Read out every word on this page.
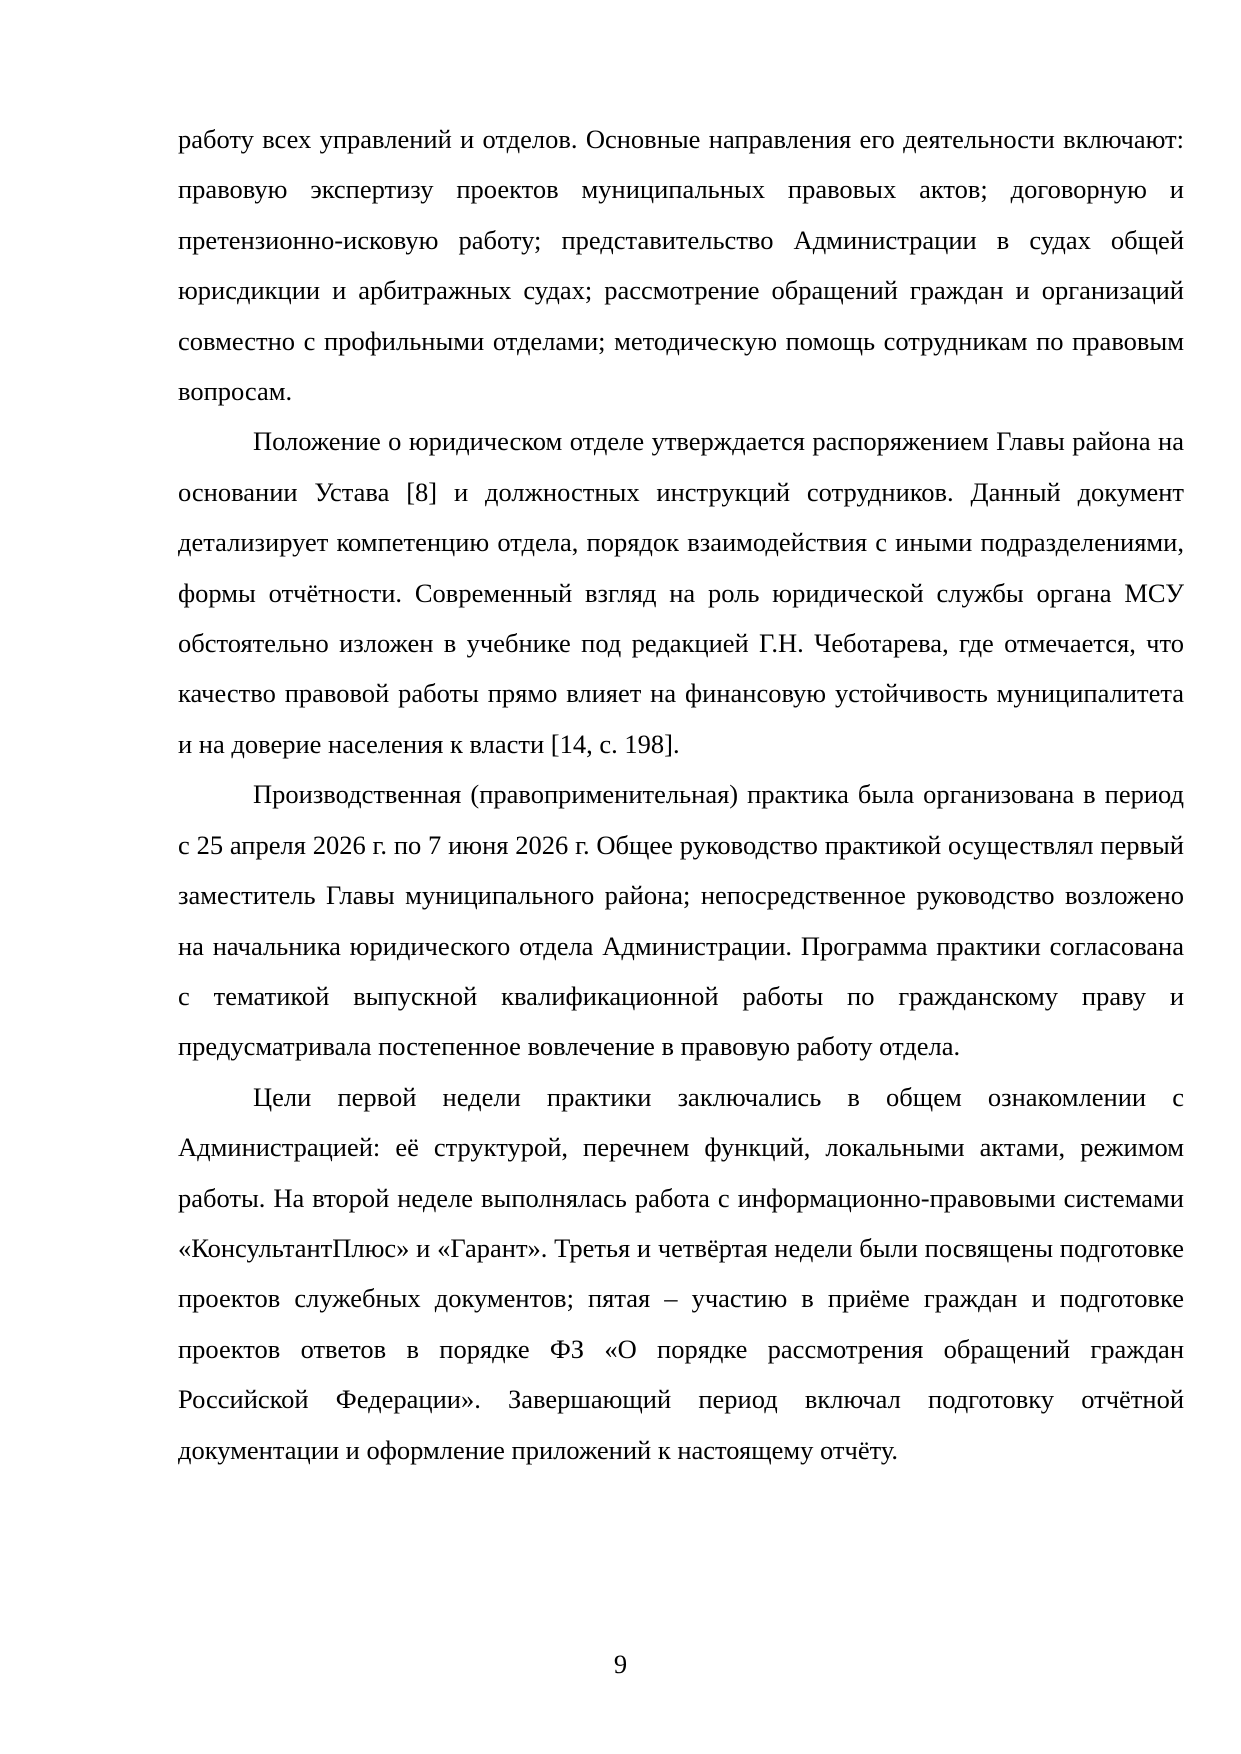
работу всех управлений и отделов. Основные направления его деятельности включают: правовую экспертизу проектов муниципальных правовых актов; договорную и претензионно-исковую работу; представительство Администрации в судах общей юрисдикции и арбитражных судах; рассмотрение обращений граждан и организаций совместно с профильными отделами; методическую помощь сотрудникам по правовым вопросам.

Положение о юридическом отделе утверждается распоряжением Главы района на основании Устава [8] и должностных инструкций сотрудников. Данный документ детализирует компетенцию отдела, порядок взаимодействия с иными подразделениями, формы отчётности. Современный взгляд на роль юридической службы органа МСУ обстоятельно изложен в учебнике под редакцией Г.Н. Чеботарева, где отмечается, что качество правовой работы прямо влияет на финансовую устойчивость муниципалитета и на доверие населения к власти [14, с. 198].

Производственная (правоприменительная) практика была организована в период с 25 апреля 2026 г. по 7 июня 2026 г. Общее руководство практикой осуществлял первый заместитель Главы муниципального района; непосредственное руководство возложено на начальника юридического отдела Администрации. Программа практики согласована с тематикой выпускной квалификационной работы по гражданскому праву и предусматривала постепенное вовлечение в правовую работу отдела.

Цели первой недели практики заключались в общем ознакомлении с Администрацией: её структурой, перечнем функций, локальными актами, режимом работы. На второй неделе выполнялась работа с информационно-правовыми системами «КонсультантПлюс» и «Гарант». Третья и четвёртая недели были посвящены подготовке проектов служебных документов; пятая – участию в приёме граждан и подготовке проектов ответов в порядке ФЗ «О порядке рассмотрения обращений граждан Российской Федерации». Завершающий период включал подготовку отчётной документации и оформление приложений к настоящему отчёту.

9
